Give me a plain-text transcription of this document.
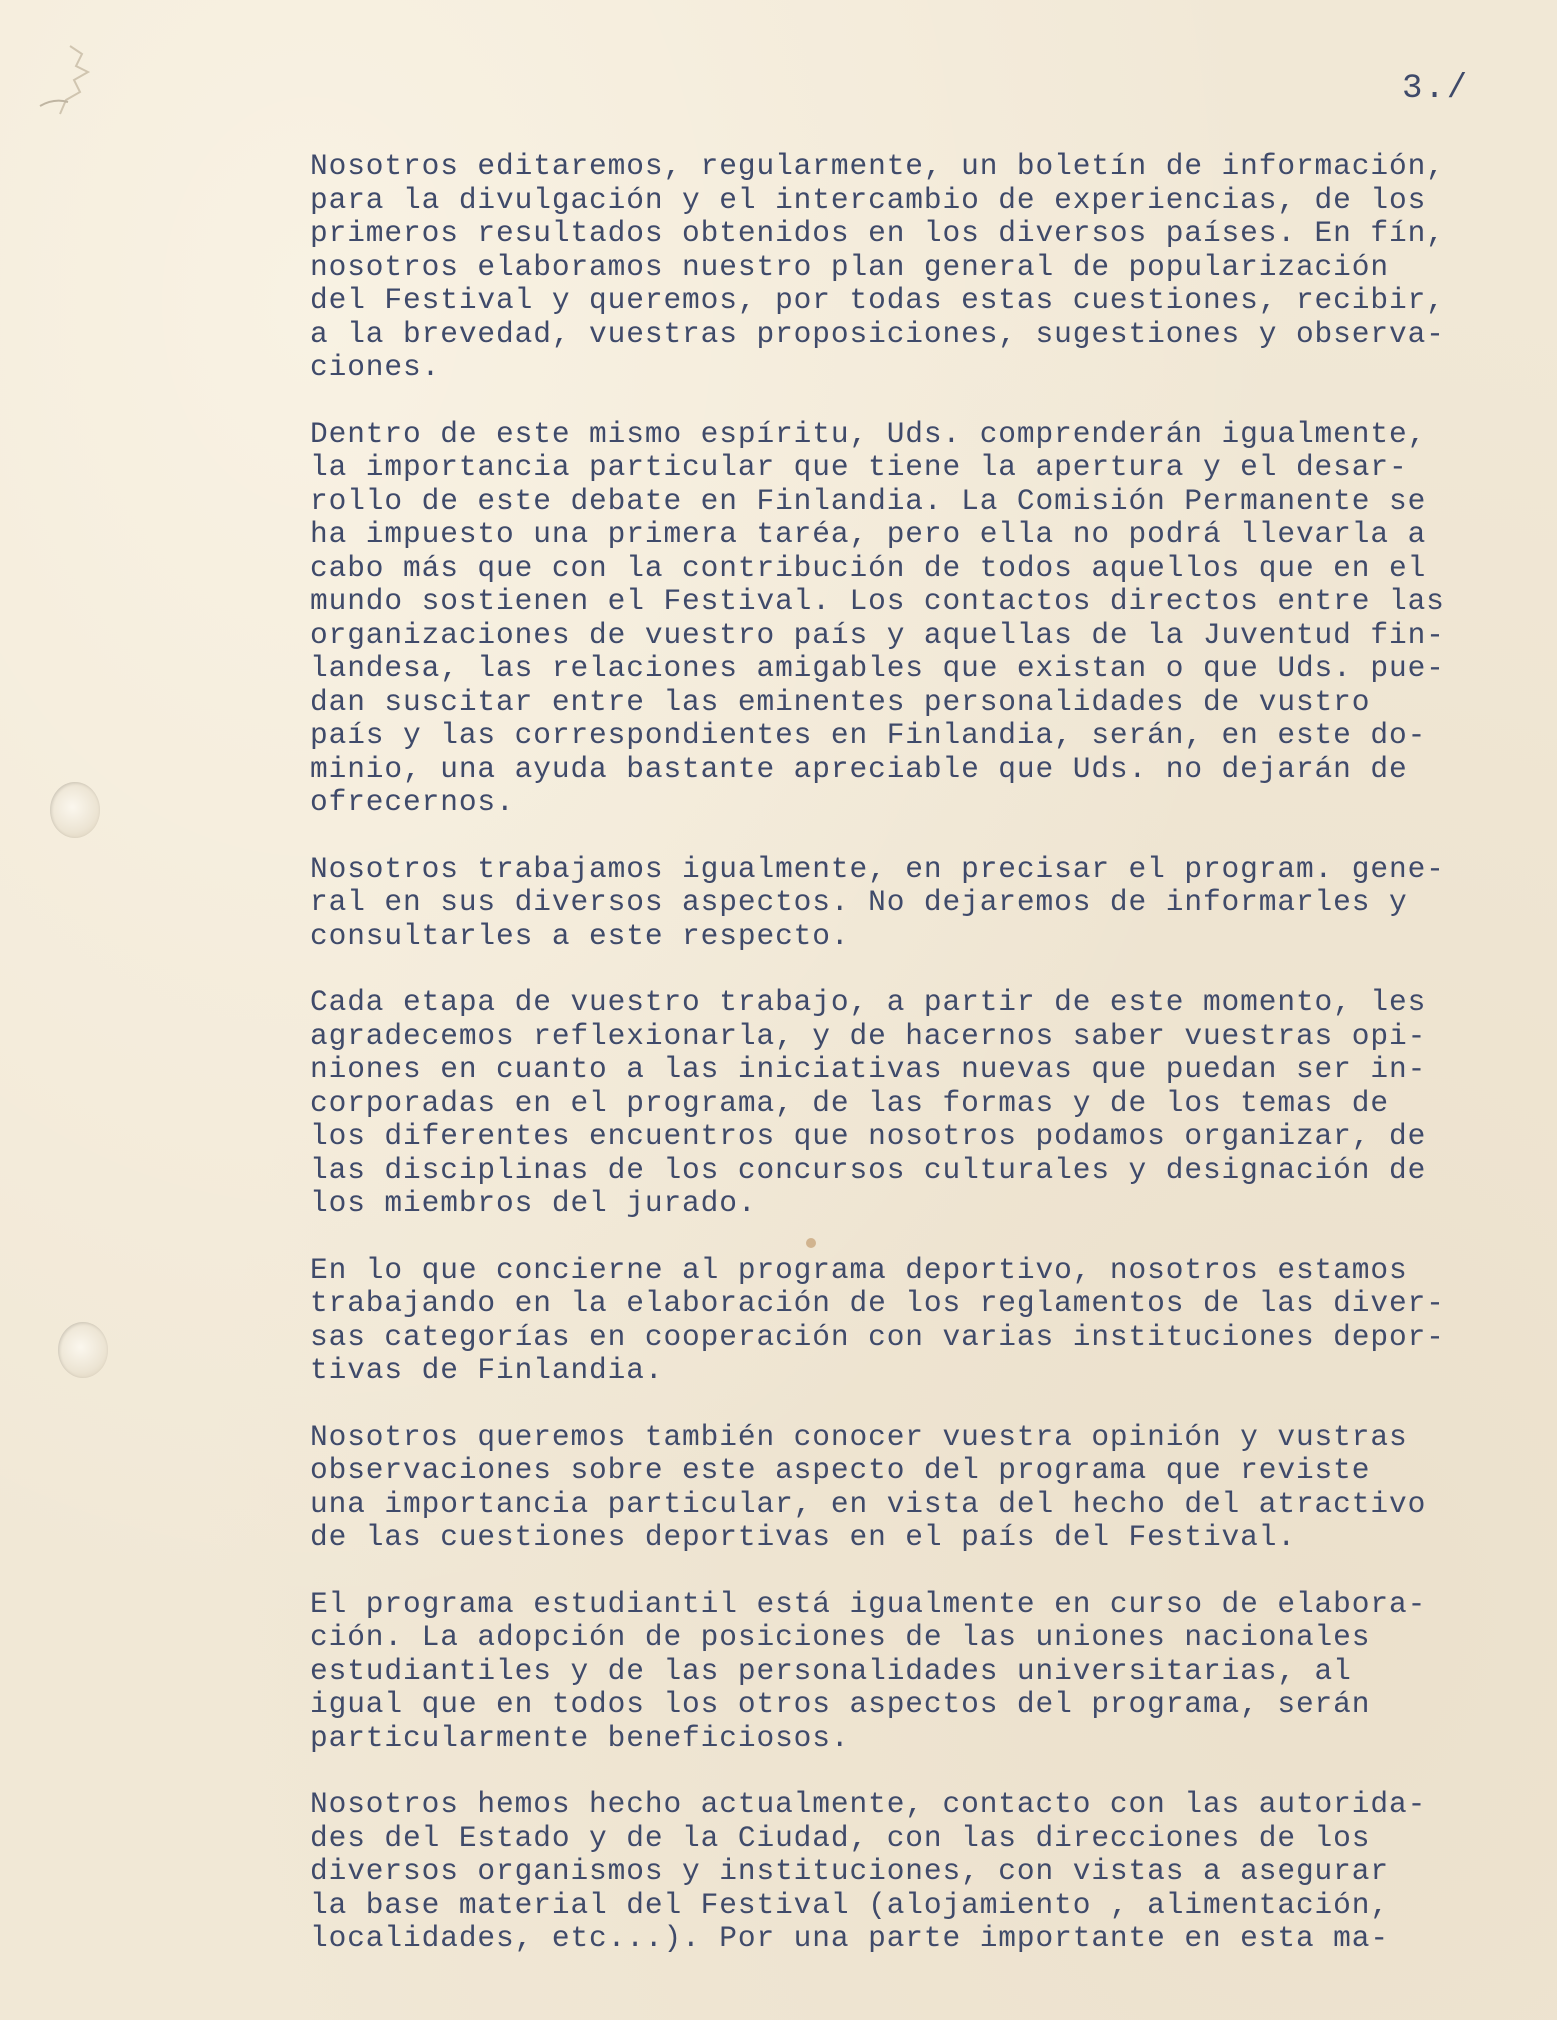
3./
Nosotros editaremos, regularmente, un boletín de información,
para la divulgación y el intercambio de experiencias, de los
primeros resultados obtenidos en los diversos países. En fín,
nosotros elaboramos nuestro plan general de popularización
del Festival y queremos, por todas estas cuestiones, recibir,
a la brevedad, vuestras proposiciones, sugestiones y observa-
ciones.
Dentro de este mismo espíritu, Uds. comprenderán igualmente,
la importancia particular que tiene la apertura y el desar-
rollo de este debate en Finlandia. La Comisión Permanente se
ha impuesto una primera taréa, pero ella no podrá llevarla a
cabo más que con la contribución de todos aquellos que en el
mundo sostienen el Festival. Los contactos directos entre las
organizaciones de vuestro país y aquellas de la Juventud fin-
landesa, las relaciones amigables que existan o que Uds. pue-
dan suscitar entre las eminentes personalidades de vustro
país y las correspondientes en Finlandia, serán, en este do-
minio, una ayuda bastante apreciable que Uds. no dejarán de
ofrecernos.
Nosotros trabajamos igualmente, en precisar el program. gene-
ral en sus diversos aspectos. No dejaremos de informarles y
consultarles a este respecto.
Cada etapa de vuestro trabajo, a partir de este momento, les
agradecemos reflexionarla, y de hacernos saber vuestras opi-
niones en cuanto a las iniciativas nuevas que puedan ser in-
corporadas en el programa, de las formas y de los temas de
los diferentes encuentros que nosotros podamos organizar, de
las disciplinas de los concursos culturales y designación de
los miembros del jurado.
En lo que concierne al programa deportivo, nosotros estamos
trabajando en la elaboración de los reglamentos de las diver-
sas categorías en cooperación con varias instituciones depor-
tivas de Finlandia.
Nosotros queremos también conocer vuestra opinión y vustras
observaciones sobre este aspecto del programa que reviste
una importancia particular, en vista del hecho del atractivo
de las cuestiones deportivas en el país del Festival.
El programa estudiantil está igualmente en curso de elabora-
ción. La adopción de posiciones de las uniones nacionales
estudiantiles y de las personalidades universitarias, al
igual que en todos los otros aspectos del programa, serán
particularmente beneficiosos.
Nosotros hemos hecho actualmente, contacto con las autorida-
des del Estado y de la Ciudad, con las direcciones de los
diversos organismos y instituciones, con vistas a asegurar
la base material del Festival (alojamiento , alimentación,
localidades, etc...). Por una parte importante en esta ma-
